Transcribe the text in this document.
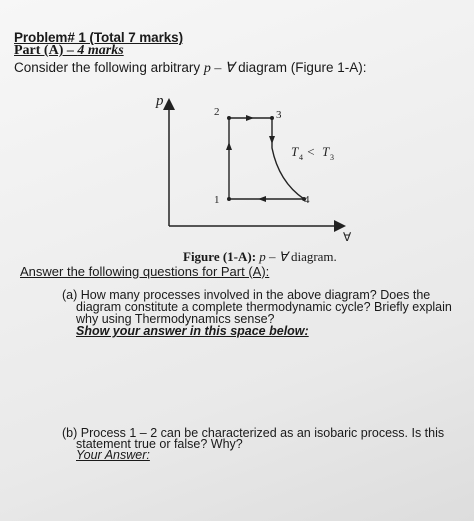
Problem# 1 (Total 7 marks)
Part (A) – 4 marks
Consider the following arbitrary p – ∀ diagram (Figure 1-A):
p
∀
1
2	3
4
T 4 < T 3
Figure (1-A): p – ∀ diagram.
Answer the following questions for Part (A):
(a) How many processes involved in the above diagram? Does the diagram constitute a complete thermodynamic cycle? Briefly explain why using Thermodynamics sense?
Show your answer in this space below:
(b) Process 1 – 2 can be characterized as an isobaric process. Is this statement true or false? Why?
Your Answer:
